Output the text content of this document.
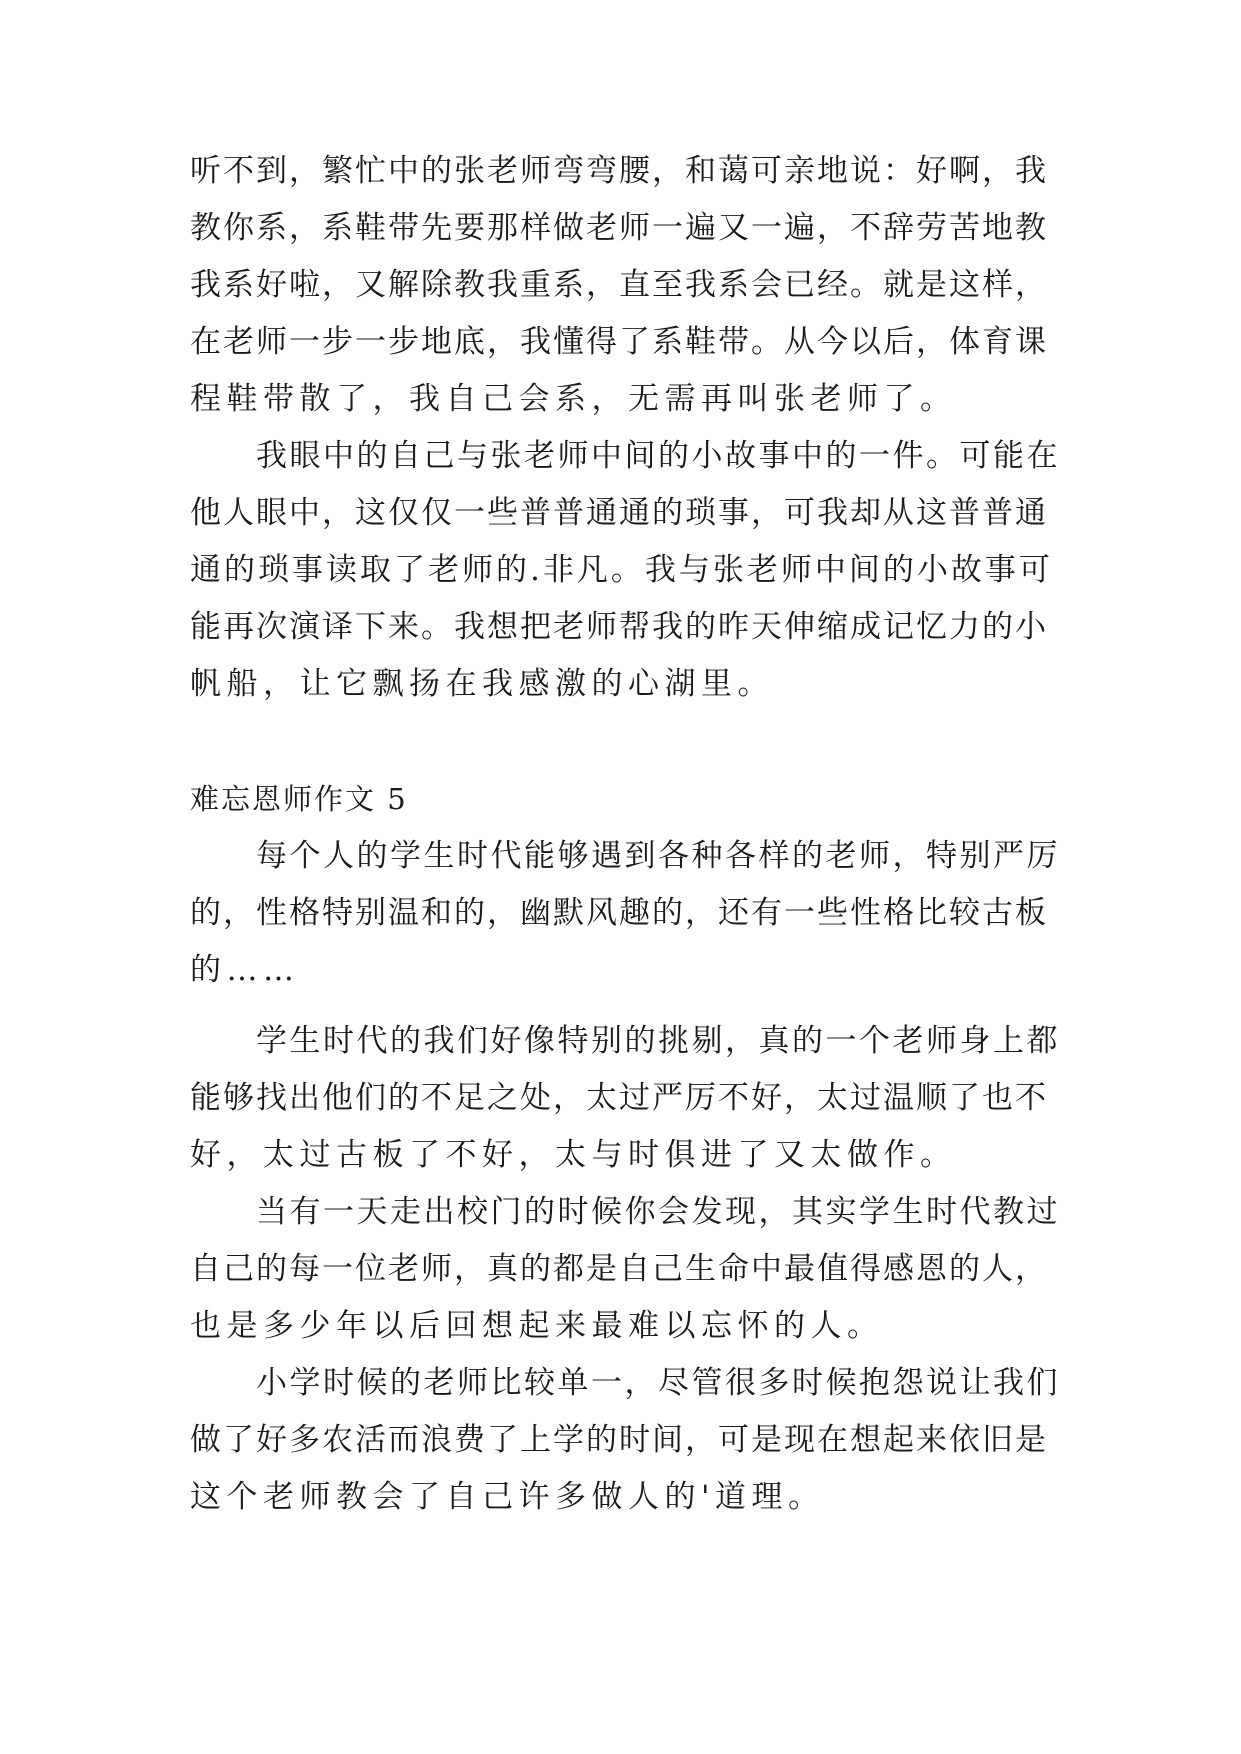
听不到，繁忙中的张老师弯弯腰，和蔼可亲地说：好啊，我
教你系，系鞋带先要那样做老师一遍又一遍，不辞劳苦地教
我系好啦，又解除教我重系，直至我系会已经。就是这样，
在老师一步一步地底，我懂得了系鞋带。从今以后，体育课
程鞋带散了，我自己会系，无需再叫张老师了。
我眼中的自己与张老师中间的小故事中的一件。可能在
他人眼中，这仅仅一些普普通通的琐事，可我却从这普普通
通的琐事读取了老师的.非凡。我与张老师中间的小故事可
能再次演译下来。我想把老师帮我的昨天伸缩成记忆力的小
帆船，让它飘扬在我感激的心湖里。
难忘恩师作文 5
每个人的学生时代能够遇到各种各样的老师，特别严厉
的，性格特别温和的，幽默风趣的，还有一些性格比较古板
的……
学生时代的我们好像特别的挑剔，真的一个老师身上都
能够找出他们的不足之处，太过严厉不好，太过温顺了也不
好，太过古板了不好，太与时俱进了又太做作。
当有一天走出校门的时候你会发现，其实学生时代教过
自己的每一位老师，真的都是自己生命中最值得感恩的人，
也是多少年以后回想起来最难以忘怀的人。
小学时候的老师比较单一，尽管很多时候抱怨说让我们
做了好多农活而浪费了上学的时间，可是现在想起来依旧是
这个老师教会了自己许多做人的'道理。
